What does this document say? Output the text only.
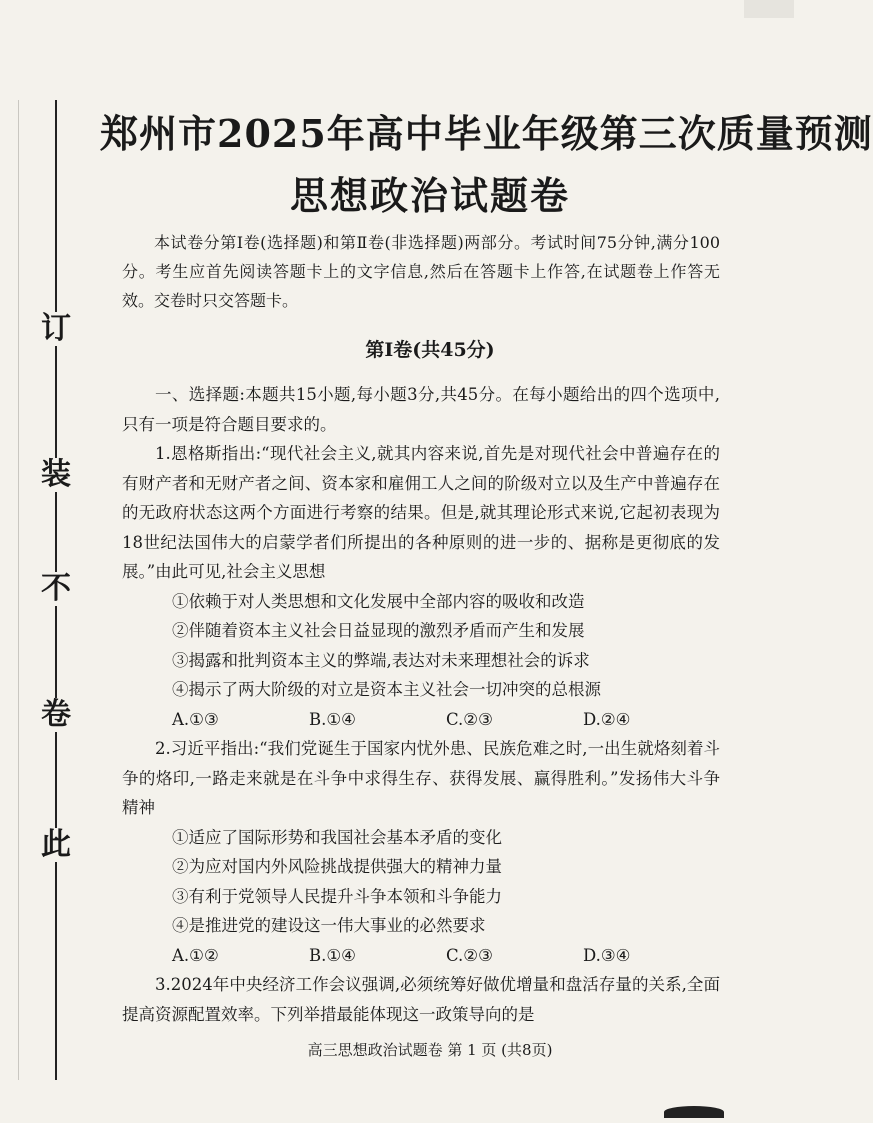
订
装
不
卷
此
郑州市2025年高中毕业年级第三次质量预测
思想政治试题卷
本试卷分第Ⅰ卷(选择题)和第Ⅱ卷(非选择题)两部分。考试时间75分钟,满分100分。考生应首先阅读答题卡上的文字信息,然后在答题卡上作答,在试题卷上作答无效。交卷时只交答题卡。
第Ⅰ卷(共45分)

一、选择题:本题共15小题,每小题3分,共45分。在每小题给出的四个选项中,只有一项是符合题目要求的。

1.恩格斯指出:“现代社会主义,就其内容来说,首先是对现代社会中普遍存在的有财产者和无财产者之间、资本家和雇佣工人之间的阶级对立以及生产中普遍存在的无政府状态这两个方面进行考察的结果。但是,就其理论形式来说,它起初表现为18世纪法国伟大的启蒙学者们所提出的各种原则的进一步的、据称是更彻底的发展。”由此可见,社会主义思想

①依赖于对人类思想和文化发展中全部内容的吸收和改造

②伴随着资本主义社会日益显现的激烈矛盾而产生和发展

③揭露和批判资本主义的弊端,表达对未来理想社会的诉求

④揭示了两大阶级的对立是资本主义社会一切冲突的总根源

A.①③	B.①④	C.②③	D.②④

2.习近平指出:“我们党诞生于国家内忧外患、民族危难之时,一出生就烙刻着斗争的烙印,一路走来就是在斗争中求得生存、获得发展、赢得胜利。”发扬伟大斗争精神

①适应了国际形势和我国社会基本矛盾的变化

②为应对国内外风险挑战提供强大的精神力量

③有利于党领导人民提升斗争本领和斗争能力

④是推进党的建设这一伟大事业的必然要求

A.①②	B.①④	C.②③	D.③④

3.2024年中央经济工作会议强调,必须统筹好做优增量和盘活存量的关系,全面提高资源配置效率。下列举措最能体现这一政策导向的是

高三思想政治试题卷 第 1 页 (共8页)
